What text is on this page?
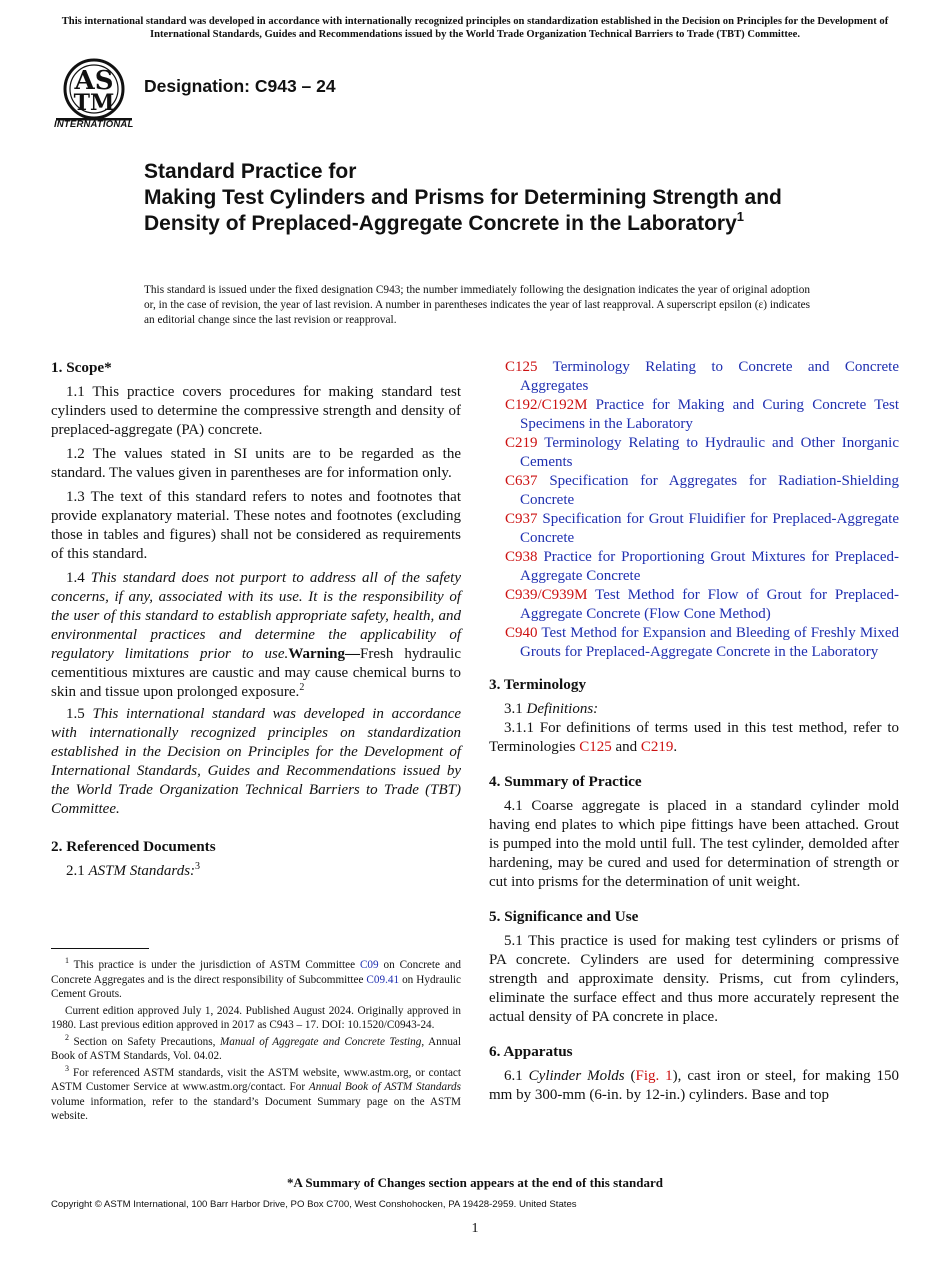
This international standard was developed in accordance with internationally recognized principles on standardization established in the Decision on Principles for the Development of International Standards, Guides and Recommendations issued by the World Trade Organization Technical Barriers to Trade (TBT) Committee.
AS
TM
INTERNATIONAL
Designation: C943 – 24
Standard Practice for
Making Test Cylinders and Prisms for Determining Strength and Density of Preplaced-Aggregate Concrete in the Laboratory$^1$
This standard is issued under the fixed designation C943; the number immediately following the designation indicates the year of original adoption or, in the case of revision, the year of last revision. A number in parentheses indicates the year of last reapproval. A superscript epsilon (ε) indicates an editorial change since the last revision or reapproval.
1. Scope*

1.1 This practice covers procedures for making standard test cylinders used to determine the compressive strength and density of preplaced-aggregate (PA) concrete.

1.2 The values stated in SI units are to be regarded as the standard. The values given in parentheses are for information only.

1.3 The text of this standard refers to notes and footnotes that provide explanatory material. These notes and footnotes (excluding those in tables and figures) shall not be considered as requirements of this standard.

1.4 This standard does not purport to address all of the safety concerns, if any, associated with its use. It is the responsibility of the user of this standard to establish appropriate safety, health, and environmental practices and determine the applicability of regulatory limitations prior to use.Warning—Fresh hydraulic cementitious mixtures are caustic and may cause chemical burns to skin and tissue upon prolonged exposure.$^2$

1.5 This international standard was developed in accordance with internationally recognized principles on standardization established in the Decision on Principles for the Development of International Standards, Guides and Recommendations issued by the World Trade Organization Technical Barriers to Trade (TBT) Committee.

2. Referenced Documents

2.1 ASTM Standards:$^3$

$^1$ This practice is under the jurisdiction of ASTM Committee C09 on Concrete and Concrete Aggregates and is the direct responsibility of Subcommittee C09.41 on Hydraulic Cement Grouts.

Current edition approved July 1, 2024. Published August 2024. Originally approved in 1980. Last previous edition approved in 2017 as C943 – 17. DOI: 10.1520/C0943-24.

$^2$ Section on Safety Precautions, Manual of Aggregate and Concrete Testing, Annual Book of ASTM Standards, Vol. 04.02.

$^3$ For referenced ASTM standards, visit the ASTM website, www.astm.org, or contact ASTM Customer Service at www.astm.org/contact. For Annual Book of ASTM Standards volume information, refer to the standard’s Document Summary page on the ASTM website.

C125 Terminology Relating to Concrete and Concrete Aggregates
C192/C192M Practice for Making and Curing Concrete Test Specimens in the Laboratory
C219 Terminology Relating to Hydraulic and Other Inorganic Cements
C637 Specification for Aggregates for Radiation-Shielding Concrete
C937 Specification for Grout Fluidifier for Preplaced-Aggregate Concrete
C938 Practice for Proportioning Grout Mixtures for Preplaced-Aggregate Concrete
C939/C939M Test Method for Flow of Grout for Preplaced-Aggregate Concrete (Flow Cone Method)
C940 Test Method for Expansion and Bleeding of Freshly Mixed Grouts for Preplaced-Aggregate Concrete in the Laboratory
3. Terminology

3.1 Definitions:

3.1.1 For definitions of terms used in this test method, refer to Terminologies C125 and C219.

4. Summary of Practice

4.1 Coarse aggregate is placed in a standard cylinder mold having end plates to which pipe fittings have been attached. Grout is pumped into the mold until full. The test cylinder, demolded after hardening, may be cured and used for determination of strength or cut into prisms for the determination of unit weight.

5. Significance and Use

5.1 This practice is used for making test cylinders or prisms of PA concrete. Cylinders are used for determining compressive strength and approximate density. Prisms, cut from cylinders, eliminate the surface effect and thus more accurately represent the actual density of PA concrete in place.

6. Apparatus

6.1 Cylinder Molds (Fig. 1), cast iron or steel, for making 150 mm by 300-mm (6-in. by 12-in.) cylinders. Base and top

*A Summary of Changes section appears at the end of this standard
Copyright © ASTM International, 100 Barr Harbor Drive, PO Box C700, West Conshohocken, PA 19428-2959. United States
1
